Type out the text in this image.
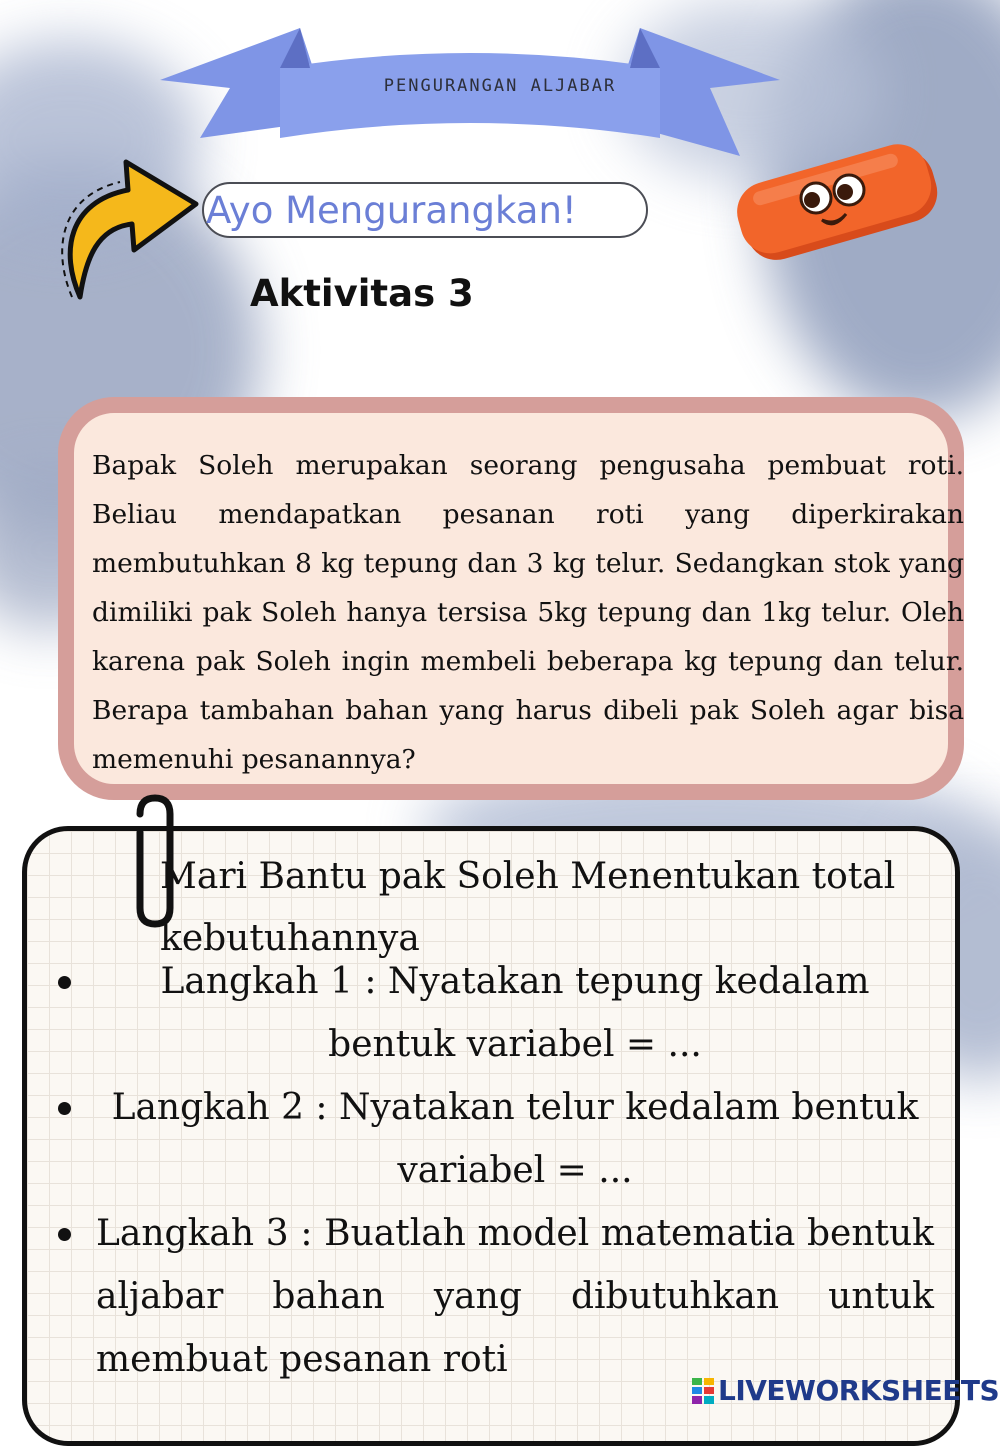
PENGURANGAN ALJABAR
Ayo Mengurangkan!
Aktivitas 3
Bapak Soleh merupakan seorang pengusaha pembuat roti. Beliau mendapatkan pesanan roti yang diperkirakan membutuhkan 8 kg tepung dan 3 kg telur. Sedangkan stok yang dimiliki pak Soleh hanya tersisa 5kg tepung dan 1kg telur. Oleh karena pak Soleh ingin membeli beberapa kg tepung dan telur. Berapa tambahan bahan yang harus dibeli pak Soleh agar bisa memenuhi pesanannya?
Mari Bantu pak Soleh Menentukan total kebutuhannya
Langkah 1 : Nyatakan tepung kedalam bentuk variabel = ...
Langkah 2 : Nyatakan telur kedalam bentuk variabel = ...
Langkah 3 : Buatlah model matematia bentuk aljabar bahan yang dibutuhkan untuk membuat pesanan roti
LIVEWORKSHEETS
